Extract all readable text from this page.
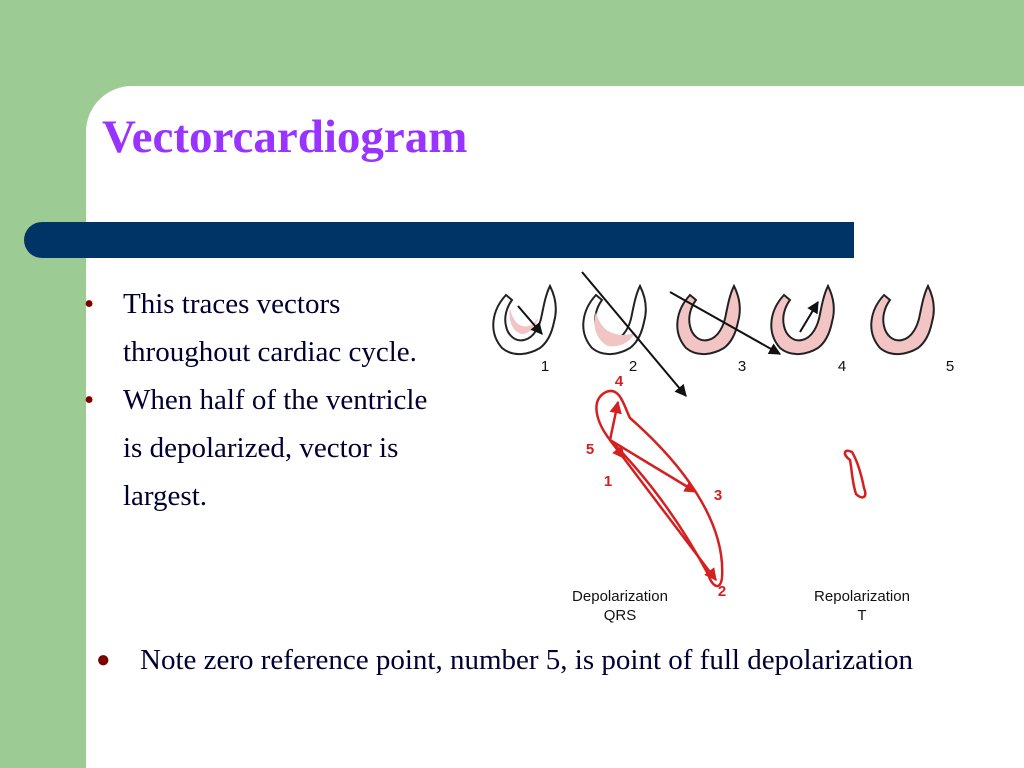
Vectorcardiogram
• This traces vectors throughout cardiac cycle.
• When half of the ventricle is depolarized, vector is largest.
1	2	3	4	5
4
5
1
3
2
Depolarization
QRS
Repolarization
T
●	Note zero reference point, number 5, is point of full depolarization
